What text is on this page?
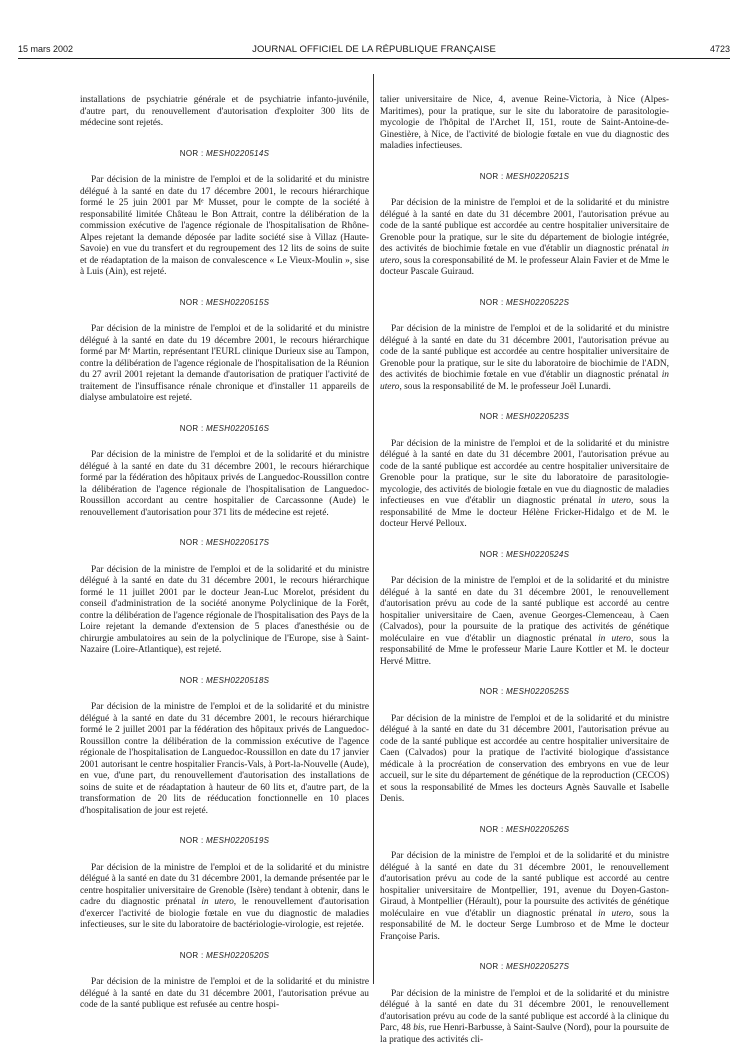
15 mars 2002	JOURNAL OFFICIEL DE LA RÉPUBLIQUE FRANÇAISE	4723

installations de psychiatrie générale et de psychiatrie infanto-juvénile, d'autre part, du renouvellement d'autorisation d'exploiter 300 lits de médecine sont rejetés.

NOR : MESH0220514S

Par décision de la ministre de l'emploi et de la solidarité et du ministre délégué à la santé en date du 17 décembre 2001, le recours hiérarchique formé le 25 juin 2001 par Mᵉ Musset, pour le compte de la société à responsabilité limitée Château le Bon Attrait, contre la délibération de la commission exécutive de l'agence régionale de l'hospitalisation de Rhône-Alpes rejetant la demande déposée par ladite société sise à Villaz (Haute-Savoie) en vue du transfert et du regroupement des 12 lits de soins de suite et de réadaptation de la maison de convalescence « Le Vieux-Moulin », sise à Luis (Ain), est rejeté.

NOR : MESH0220515S

Par décision de la ministre de l'emploi et de la solidarité et du ministre délégué à la santé en date du 19 décembre 2001, le recours hiérarchique formé par Mᵉ Martin, représentant l'EURL clinique Durieux sise au Tampon, contre la délibération de l'agence régionale de l'hospitalisation de la Réunion du 27 avril 2001 rejetant la demande d'autorisation de pratiquer l'activité de traitement de l'insuffisance rénale chronique et d'installer 11 appareils de dialyse ambulatoire est rejeté.

NOR : MESH0220516S

Par décision de la ministre de l'emploi et de la solidarité et du ministre délégué à la santé en date du 31 décembre 2001, le recours hiérarchique formé par la fédération des hôpitaux privés de Languedoc-Roussillon contre la délibération de l'agence régionale de l'hospitalisation de Languedoc-Roussillon accordant au centre hospitalier de Carcassonne (Aude) le renouvellement d'autorisation pour 371 lits de médecine est rejeté.

NOR : MESH0220517S

Par décision de la ministre de l'emploi et de la solidarité et du ministre délégué à la santé en date du 31 décembre 2001, le recours hiérarchique formé le 11 juillet 2001 par le docteur Jean-Luc Morelot, président du conseil d'administration de la société anonyme Polyclinique de la Forêt, contre la délibération de l'agence régionale de l'hospitalisation des Pays de la Loire rejetant la demande d'extension de 5 places d'anesthésie ou de chirurgie ambulatoires au sein de la polyclinique de l'Europe, sise à Saint-Nazaire (Loire-Atlantique), est rejeté.

NOR : MESH0220518S

Par décision de la ministre de l'emploi et de la solidarité et du ministre délégué à la santé en date du 31 décembre 2001, le recours hiérarchique formé le 2 juillet 2001 par la fédération des hôpitaux privés de Languedoc-Roussillon contre la délibération de la commission exécutive de l'agence régionale de l'hospitalisation de Languedoc-Roussillon en date du 17 janvier 2001 autorisant le centre hospitalier Francis-Vals, à Port-la-Nouvelle (Aude), en vue, d'une part, du renouvellement d'autorisation des installations de soins de suite et de réadaptation à hauteur de 60 lits et, d'autre part, de la transformation de 20 lits de rééducation fonctionnelle en 10 places d'hospitalisation de jour est rejeté.

NOR : MESH0220519S

Par décision de la ministre de l'emploi et de la solidarité et du ministre délégué à la santé en date du 31 décembre 2001, la demande présentée par le centre hospitalier universitaire de Grenoble (Isère) tendant à obtenir, dans le cadre du diagnostic prénatal in utero, le renouvellement d'autorisation d'exercer l'activité de biologie fœtale en vue du diagnostic de maladies infectieuses, sur le site du laboratoire de bactériologie-virologie, est rejetée.

NOR : MESH0220520S

Par décision de la ministre de l'emploi et de la solidarité et du ministre délégué à la santé en date du 31 décembre 2001, l'autorisation prévue au code de la santé publique est refusée au centre hospi-

talier universitaire de Nice, 4, avenue Reine-Victoria, à Nice (Alpes-Maritimes), pour la pratique, sur le site du laboratoire de parasitologie-mycologie de l'hôpital de l'Archet II, 151, route de Saint-Antoine-de-Ginestière, à Nice, de l'activité de biologie fœtale en vue du diagnostic des maladies infectieuses.

NOR : MESH0220521S

Par décision de la ministre de l'emploi et de la solidarité et du ministre délégué à la santé en date du 31 décembre 2001, l'autorisation prévue au code de la santé publique est accordée au centre hospitalier universitaire de Grenoble pour la pratique, sur le site du département de biologie intégrée, des activités de biochimie fœtale en vue d'établir un diagnostic prénatal in utero, sous la coresponsabilité de M. le professeur Alain Favier et de Mme le docteur Pascale Guiraud.

NOR : MESH0220522S

Par décision de la ministre de l'emploi et de la solidarité et du ministre délégué à la santé en date du 31 décembre 2001, l'autorisation prévue au code de la santé publique est accordée au centre hospitalier universitaire de Grenoble pour la pratique, sur le site du laboratoire de biochimie de l'ADN, des activités de biochimie fœtale en vue d'établir un diagnostic prénatal in utero, sous la responsabilité de M. le professeur Joël Lunardi.

NOR : MESH0220523S

Par décision de la ministre de l'emploi et de la solidarité et du ministre délégué à la santé en date du 31 décembre 2001, l'autorisation prévue au code de la santé publique est accordée au centre hospitalier universitaire de Grenoble pour la pratique, sur le site du laboratoire de parasitologie-mycologie, des activités de biologie fœtale en vue du diagnostic de maladies infectieuses en vue d'établir un diagnostic prénatal in utero, sous la responsabilité de Mme le docteur Hélène Fricker-Hidalgo et de M. le docteur Hervé Pelloux.

NOR : MESH0220524S

Par décision de la ministre de l'emploi et de la solidarité et du ministre délégué à la santé en date du 31 décembre 2001, le renouvellement d'autorisation prévu au code de la santé publique est accordé au centre hospitalier universitaire de Caen, avenue Georges-Clemenceau, à Caen (Calvados), pour la poursuite de la pratique des activités de génétique moléculaire en vue d'établir un diagnostic prénatal in utero, sous la responsabilité de Mme le professeur Marie Laure Kottler et M. le docteur Hervé Mittre.

NOR : MESH0220525S

Par décision de la ministre de l'emploi et de la solidarité et du ministre délégué à la santé en date du 31 décembre 2001, l'autorisation prévue au code de la santé publique est accordée au centre hospitalier universitaire de Caen (Calvados) pour la pratique de l'activité biologique d'assistance médicale à la procréation de conservation des embryons en vue de leur accueil, sur le site du département de génétique de la reproduction (CECOS) et sous la responsabilité de Mmes les docteurs Agnès Sauvalle et Isabelle Denis.

NOR : MESH0220526S

Par décision de la ministre de l'emploi et de la solidarité et du ministre délégué à la santé en date du 31 décembre 2001, le renouvellement d'autorisation prévu au code de la santé publique est accordé au centre hospitalier universitaire de Montpellier, 191, avenue du Doyen-Gaston-Giraud, à Montpellier (Hérault), pour la poursuite des activités de génétique moléculaire en vue d'établir un diagnostic prénatal in utero, sous la responsabilité de M. le docteur Serge Lumbroso et de Mme le docteur Françoise Paris.

NOR : MESH0220527S

Par décision de la ministre de l'emploi et de la solidarité et du ministre délégué à la santé en date du 31 décembre 2001, le renouvellement d'autorisation prévu au code de la santé publique est accordé à la clinique du Parc, 48 bis, rue Henri-Barbusse, à Saint-Saulve (Nord), pour la poursuite de la pratique des activités cli-
